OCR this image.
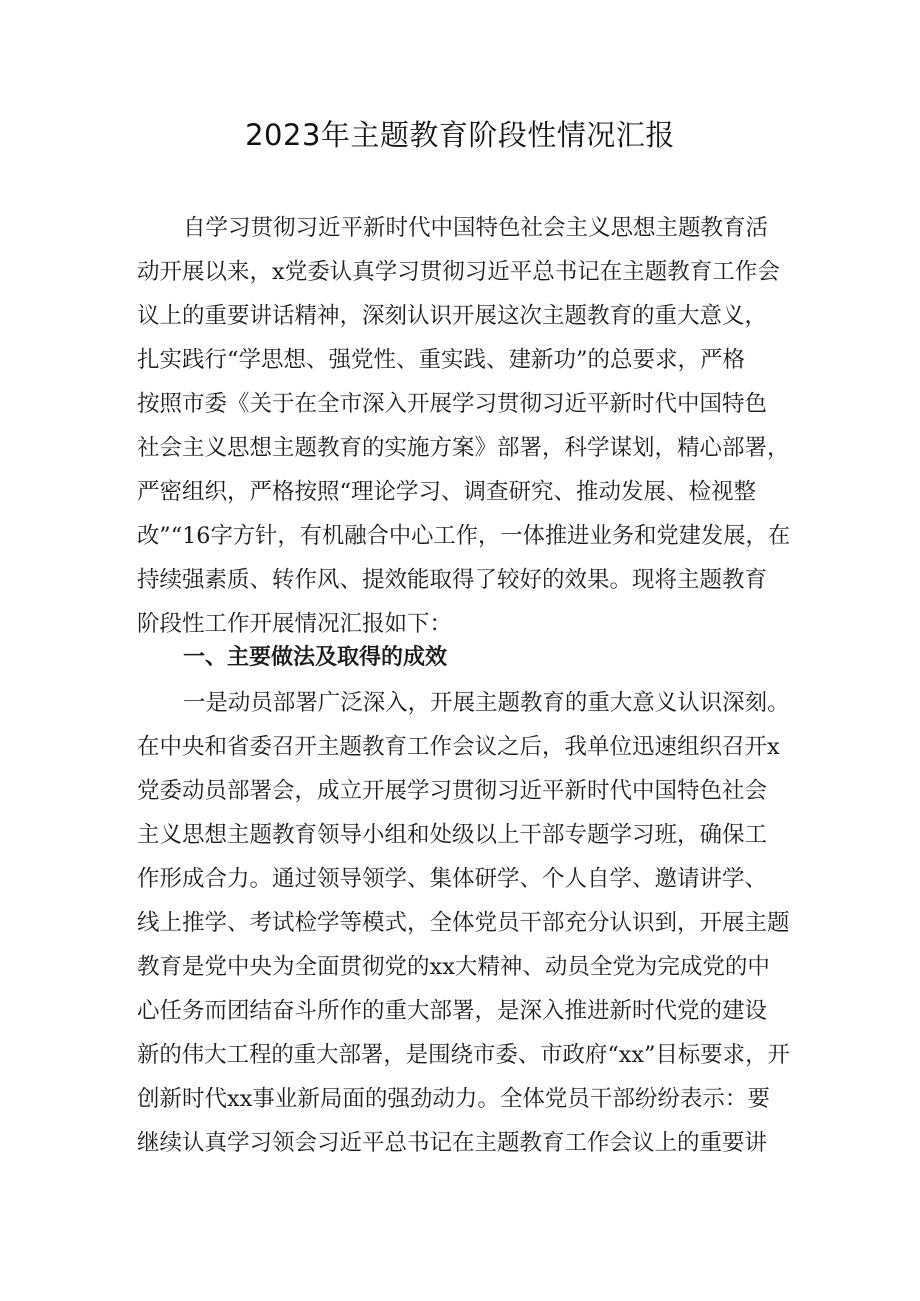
2023年主题教育阶段性情况汇报
自学习贯彻习近平新时代中国特色社会主义思想主题教育活
动开展以来，x党委认真学习贯彻习近平总书记在主题教育工作会
议上的重要讲话精神，深刻认识开展这次主题教育的重大意义，
扎实践行“学思想、强党性、重实践、建新功”的总要求，严格
按照市委《关于在全市深入开展学习贯彻习近平新时代中国特色
社会主义思想主题教育的实施方案》部署，科学谋划，精心部署，
严密组织，严格按照“理论学习、调查研究、推动发展、检视整
改”“16字方针，有机融合中心工作，一体推进业务和党建发展，在
持续强素质、转作风、提效能取得了较好的效果。现将主题教育
阶段性工作开展情况汇报如下：
一、主要做法及取得的成效
一是动员部署广泛深入，开展主题教育的重大意义认识深刻。
在中央和省委召开主题教育工作会议之后，我单位迅速组织召开x
党委动员部署会，成立开展学习贯彻习近平新时代中国特色社会
主义思想主题教育领导小组和处级以上干部专题学习班，确保工
作形成合力。通过领导领学、集体研学、个人自学、邀请讲学、
线上推学、考试检学等模式，全体党员干部充分认识到，开展主题
教育是党中央为全面贯彻党的xx大精神、动员全党为完成党的中
心任务而团结奋斗所作的重大部署，是深入推进新时代党的建设
新的伟大工程的重大部署，是围绕市委、市政府“xx”目标要求，开
创新时代xx事业新局面的强劲动力。全体党员干部纷纷表示：要
继续认真学习领会习近平总书记在主题教育工作会议上的重要讲
